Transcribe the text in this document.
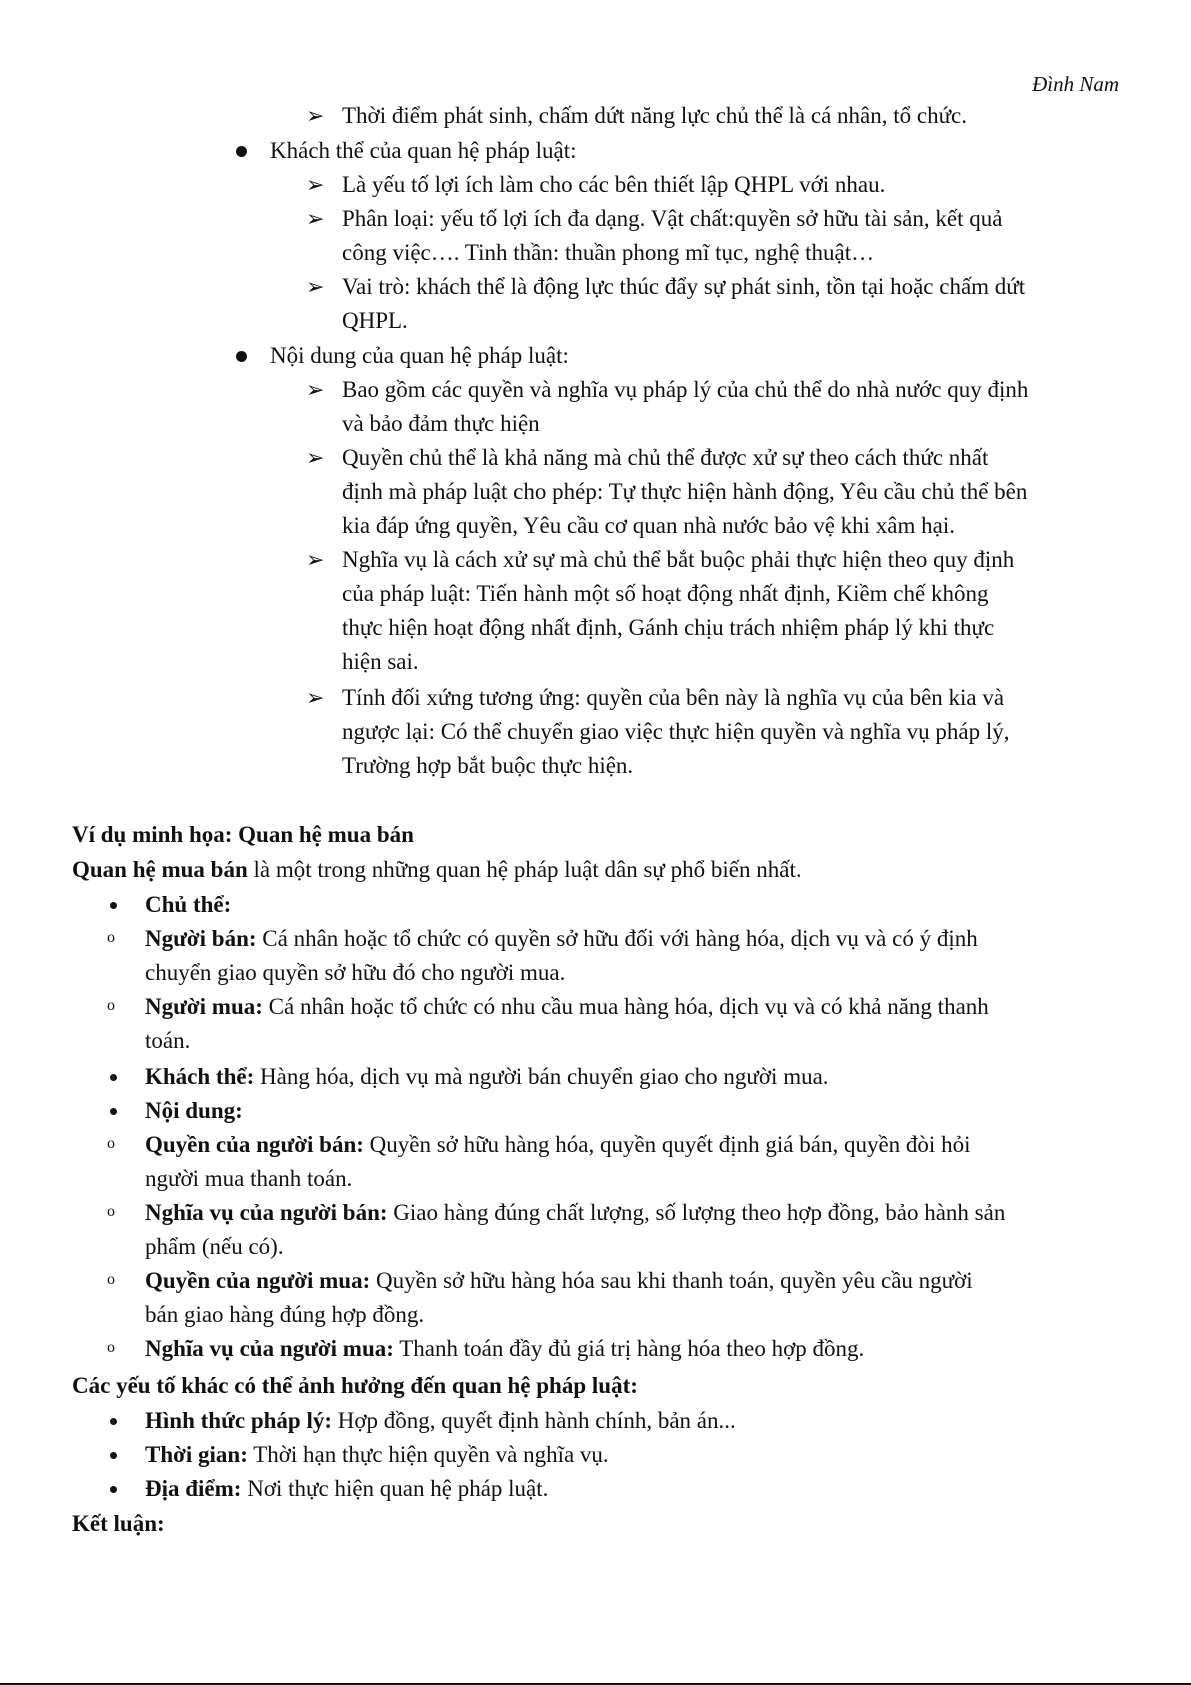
Đình Nam
➢ Thời điểm phát sinh, chấm dứt năng lực chủ thể là cá nhân, tổ chức.
Khách thể của quan hệ pháp luật:
➢ Là yếu tố lợi ích làm cho các bên thiết lập QHPL với nhau.
➢ Phân loại: yếu tố lợi ích đa dạng. Vật chất:quyền sở hữu tài sản, kết quả
công việc…. Tinh thần: thuần phong mĩ tục, nghệ thuật…
➢ Vai trò: khách thể là động lực thúc đẩy sự phát sinh, tồn tại hoặc chấm dứt
QHPL.
Nội dung của quan hệ pháp luật:
➢ Bao gồm các quyền và nghĩa vụ pháp lý của chủ thể do nhà nước quy định
và bảo đảm thực hiện
➢ Quyền chủ thể là khả năng mà chủ thể được xử sự theo cách thức nhất
định mà pháp luật cho phép: Tự thực hiện hành động, Yêu cầu chủ thể bên
kia đáp ứng quyền, Yêu cầu cơ quan nhà nước bảo vệ khi xâm hại.
➢ Nghĩa vụ là cách xử sự mà chủ thể bắt buộc phải thực hiện theo quy định
của pháp luật: Tiến hành một số hoạt động nhất định, Kiềm chế không
thực hiện hoạt động nhất định, Gánh chịu trách nhiệm pháp lý khi thực
hiện sai.
➢ Tính đối xứng tương ứng: quyền của bên này là nghĩa vụ của bên kia và
ngược lại: Có thể chuyển giao việc thực hiện quyền và nghĩa vụ pháp lý,
Trường hợp bắt buộc thực hiện.
Ví dụ minh họa: Quan hệ mua bán
Quan hệ mua bán là một trong những quan hệ pháp luật dân sự phổ biến nhất.
Chủ thể:
o Người bán: Cá nhân hoặc tổ chức có quyền sở hữu đối với hàng hóa, dịch vụ và có ý định
chuyển giao quyền sở hữu đó cho người mua.
o Người mua: Cá nhân hoặc tổ chức có nhu cầu mua hàng hóa, dịch vụ và có khả năng thanh
toán.
Khách thể: Hàng hóa, dịch vụ mà người bán chuyển giao cho người mua.
Nội dung:
o Quyền của người bán: Quyền sở hữu hàng hóa, quyền quyết định giá bán, quyền đòi hỏi
người mua thanh toán.
o Nghĩa vụ của người bán: Giao hàng đúng chất lượng, số lượng theo hợp đồng, bảo hành sản
phẩm (nếu có).
o Quyền của người mua: Quyền sở hữu hàng hóa sau khi thanh toán, quyền yêu cầu người
bán giao hàng đúng hợp đồng.
o Nghĩa vụ của người mua: Thanh toán đầy đủ giá trị hàng hóa theo hợp đồng.
Các yếu tố khác có thể ảnh hưởng đến quan hệ pháp luật:
Hình thức pháp lý: Hợp đồng, quyết định hành chính, bản án...
Thời gian: Thời hạn thực hiện quyền và nghĩa vụ.
Địa điểm: Nơi thực hiện quan hệ pháp luật.
Kết luận:
